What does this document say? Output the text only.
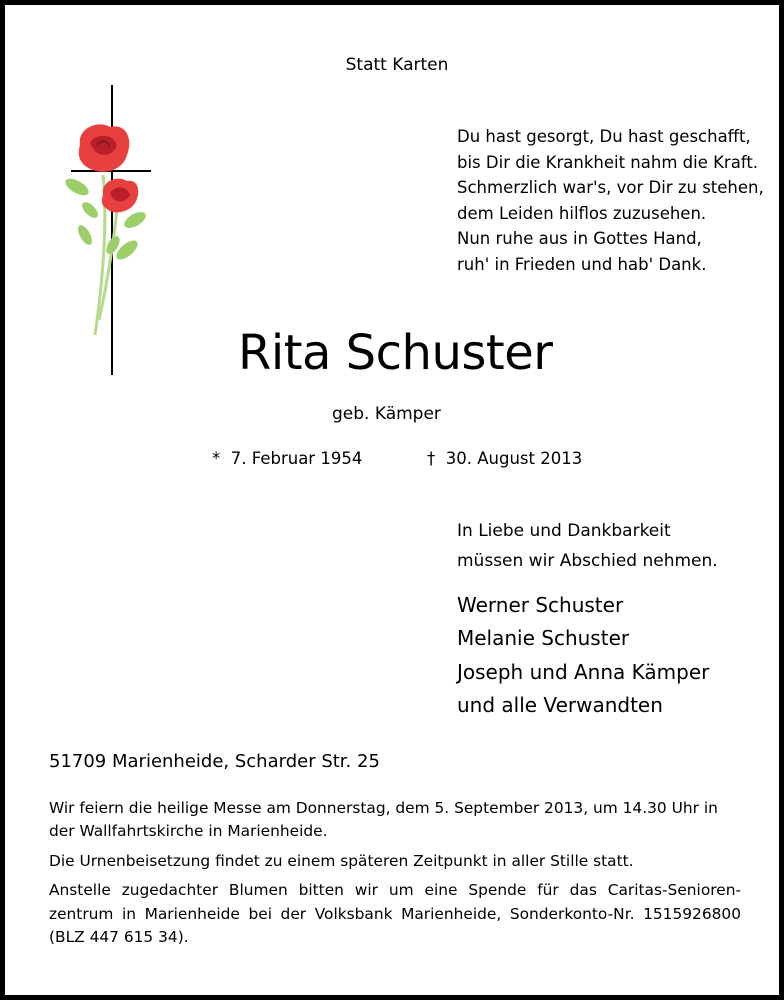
Statt Karten
Du hast gesorgt, Du hast geschafft,
bis Dir die Krankheit nahm die Kraft.
Schmerzlich war's, vor Dir zu stehen,
dem Leiden hilflos zuzusehen.
Nun ruhe aus in Gottes Hand,
ruh' in Frieden und hab' Dank.
Rita Schuster
geb. Kämper
* 7. Februar 1954	† 30. August 2013
In Liebe und Dankbarkeit
müssen wir Abschied nehmen.
Werner Schuster
Melanie Schuster
Joseph und Anna Kämper
und alle Verwandten
51709 Marienheide, Scharder Str. 25

Wir feiern die heilige Messe am Donnerstag, dem 5. September 2013, um 14.30 Uhr in der Wallfahrtskirche in Marienheide.

Die Urnenbeisetzung findet zu einem späteren Zeitpunkt in aller Stille statt.

Anstelle zugedachter Blumen bitten wir um eine Spende für das Caritas-Senioren-zentrum in Marienheide bei der Volksbank Marienheide, Sonderkonto-Nr. 1515926800 (BLZ 447 615 34).
